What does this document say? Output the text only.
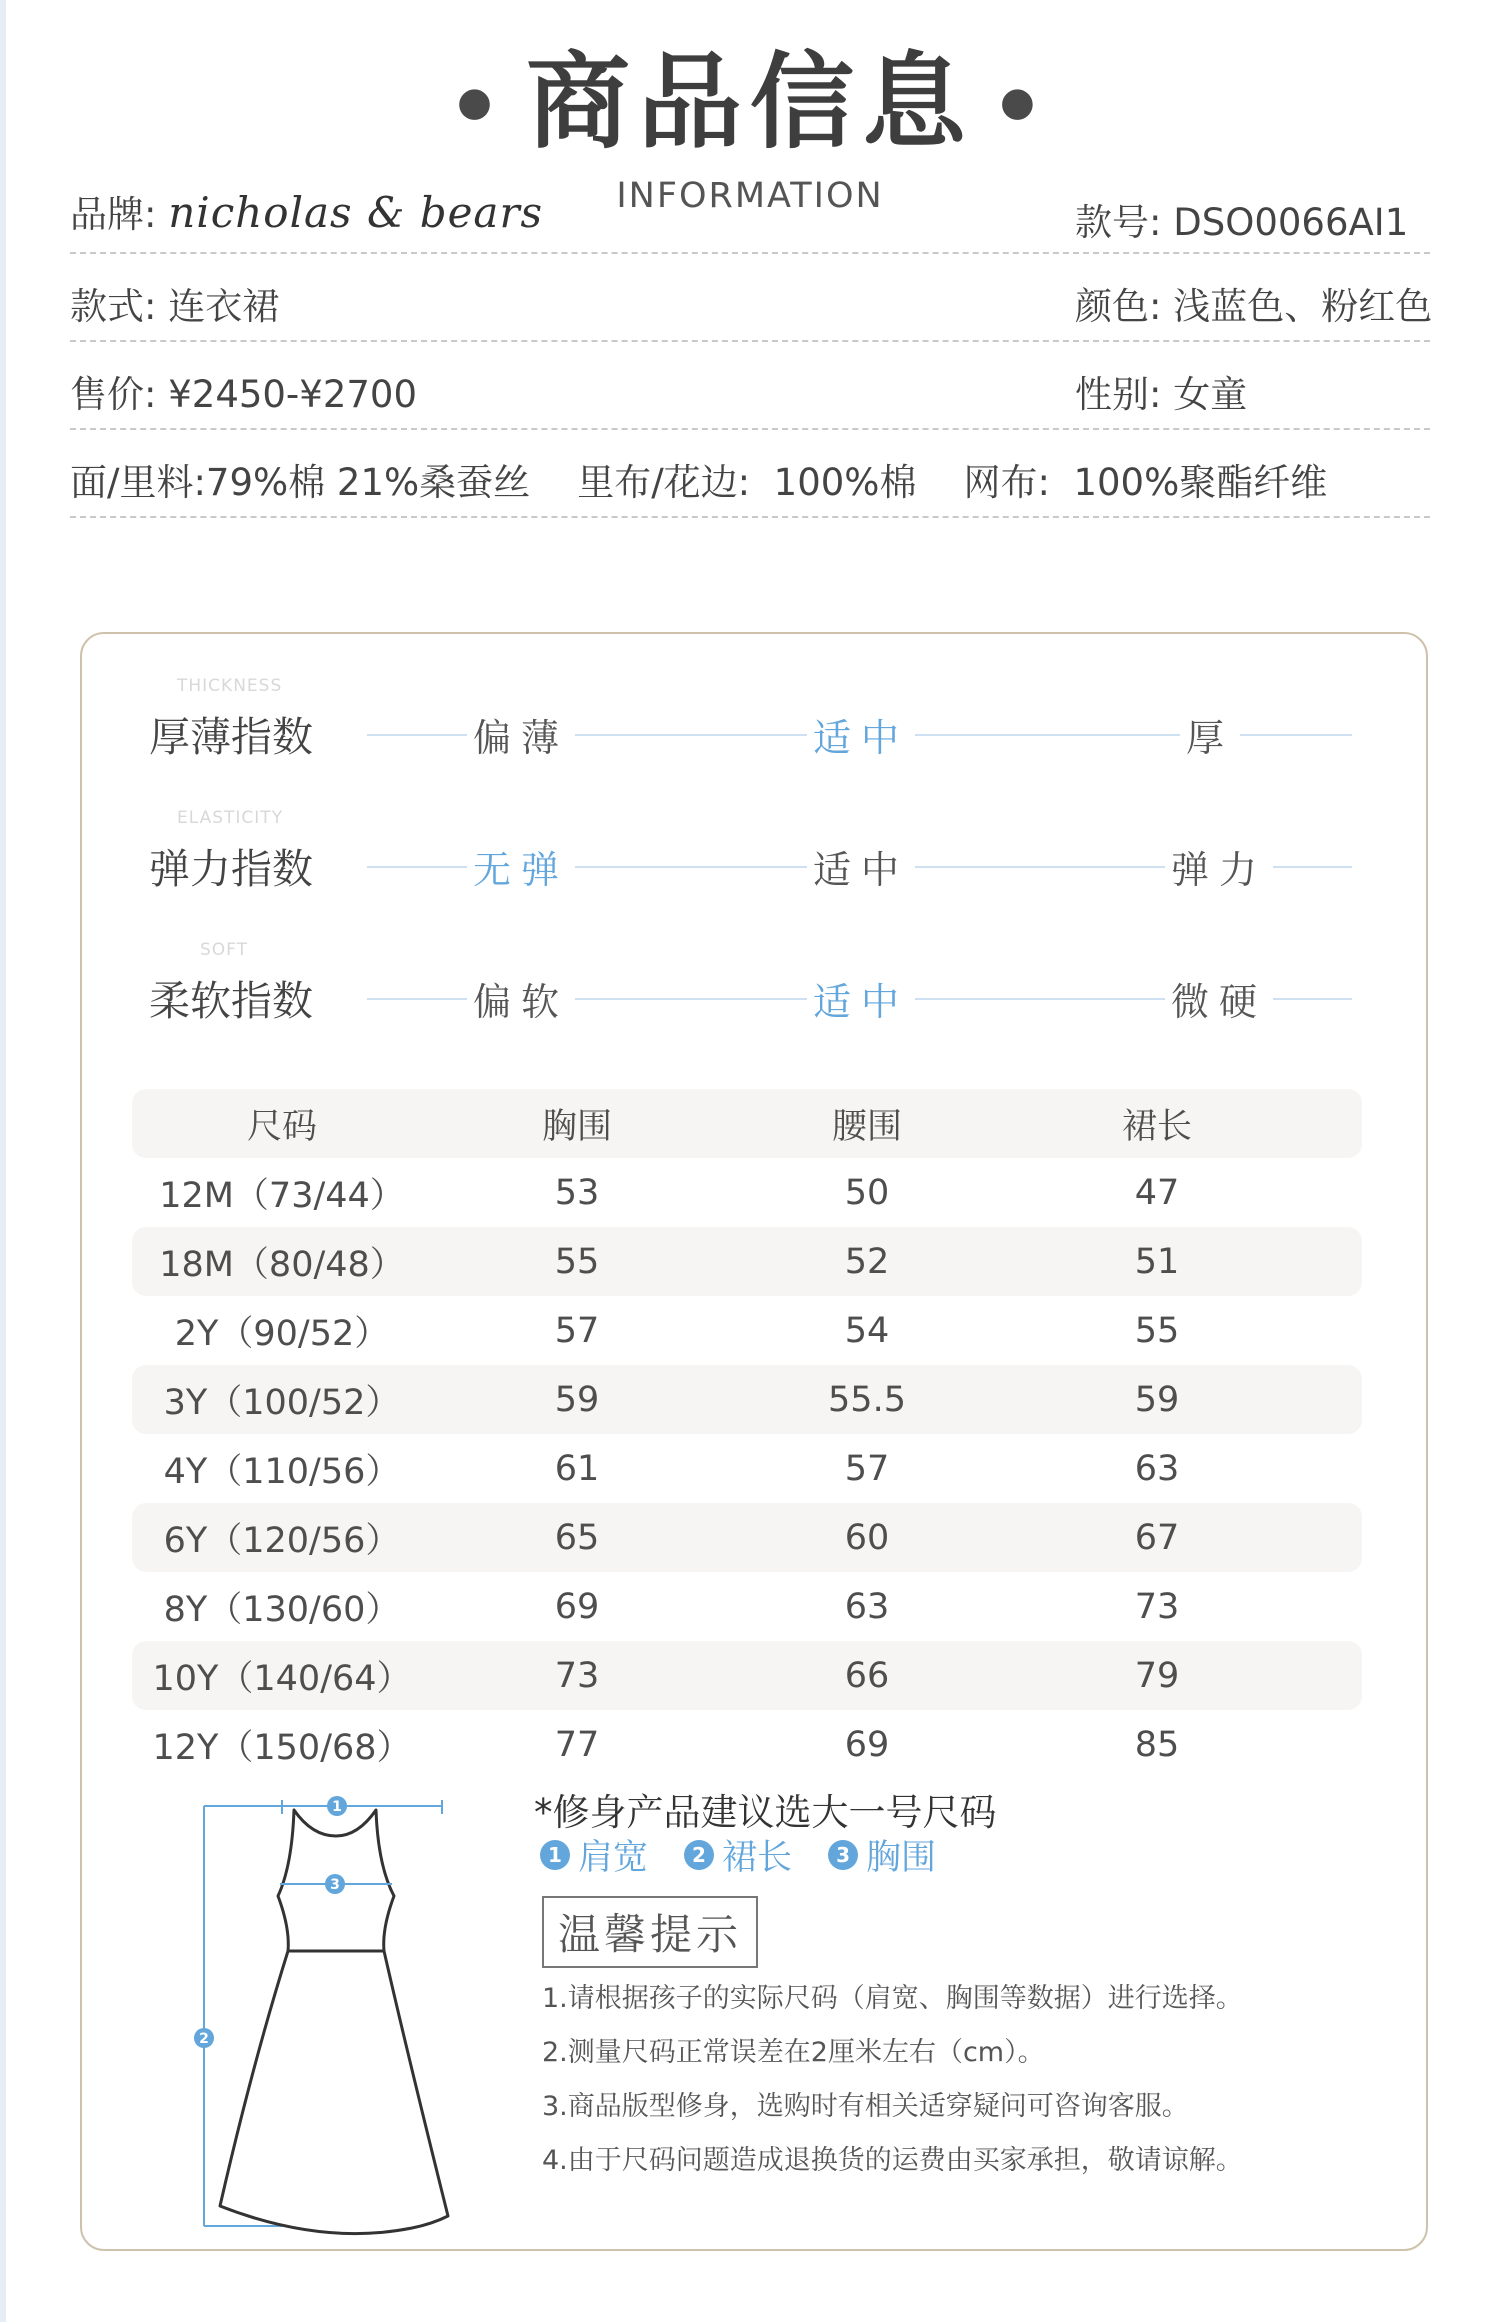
● 商品信息 ●
INFORMATION
品牌: nicholas & bears	款号: DSO0066AI1
款式: 连衣裙	颜色: 浅蓝色、粉红色
售价: ¥2450-¥2700	性别: 女童
面/里料:79%棉 21%桑蚕丝    里布/花边:  100%棉    网布:  100%聚酯纤维
THICKNESS
厚薄指数	偏薄	适中	厚
ELASTICITY
弹力指数	无弹	适中	弹力
SOFT
柔软指数	偏软	适中	微硬
尺码	胸围	腰围	裙长
12M（73/44）	53	50	47
18M（80/48）	55	52	51
2Y（90/52）	57	54	55
3Y（100/52）	59	55.5	59
4Y（110/56）	61	57	63
6Y（120/56）	65	60	67
8Y（130/60）	69	63	73
10Y（140/64）	73	66	79
12Y（150/68）	77	69	85
1
2
3
*修身产品建议选大一号尺码
1 肩宽	2 裙长	3 胸围
温馨提示
1.请根据孩子的实际尺码（肩宽、胸围等数据）进行选择。
2.测量尺码正常误差在2厘米左右（cm）。
3.商品版型修身，选购时有相关适穿疑问可咨询客服。
4.由于尺码问题造成退换货的运费由买家承担，敬请谅解。
